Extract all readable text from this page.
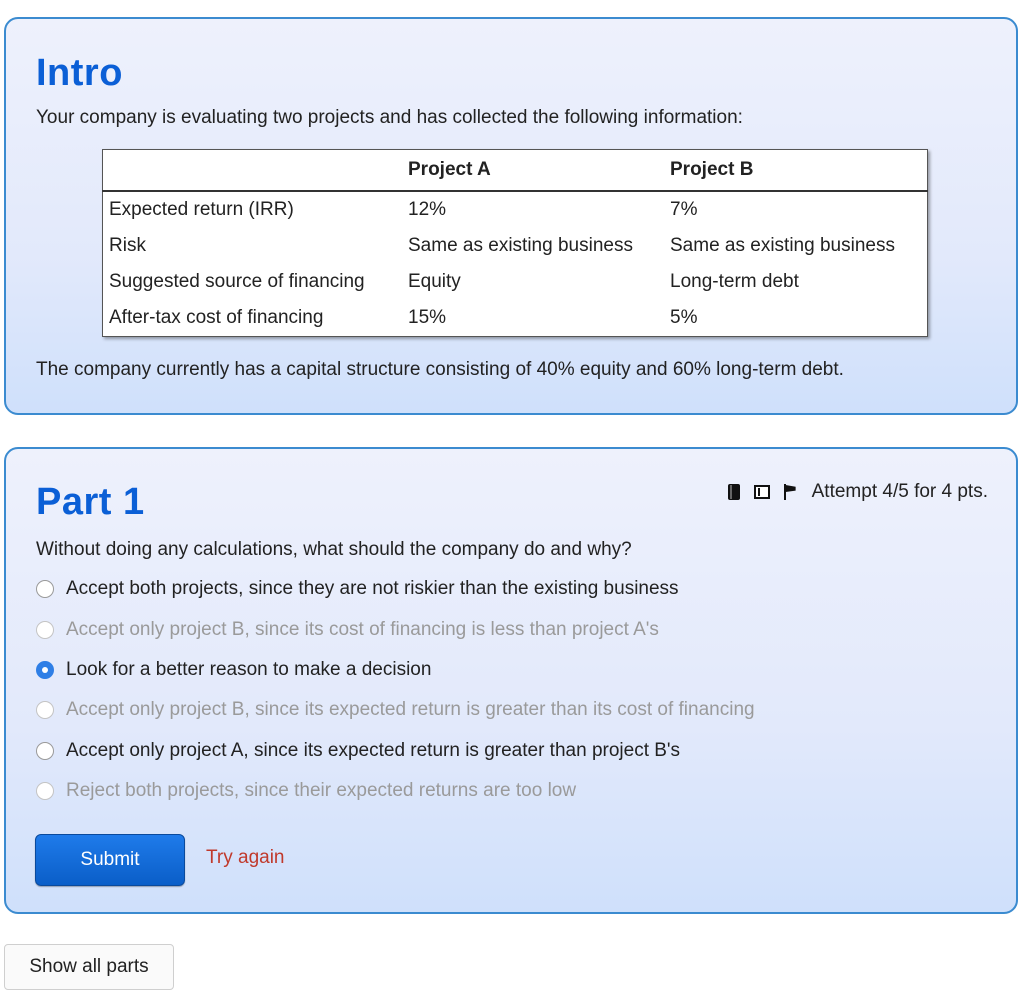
Intro

Your company is evaluating two projects and has collected the following information:

	Project A	Project B
Expected return (IRR)	12%	7%
Risk	Same as existing business	Same as existing business
Suggested source of financing	Equity	Long-term debt
After-tax cost of financing	15%	5%

The company currently has a capital structure consisting of 40% equity and 60% long-term debt.

Part 1	Attempt 4/5 for 4 pts.

Without doing any calculations, what should the company do and why?

Accept both projects, since they are not riskier than the existing business
Accept only project B, since its cost of financing is less than project A's
Look for a better reason to make a decision
Accept only project B, since its expected return is greater than its cost of financing
Accept only project A, since its expected return is greater than project B's
Reject both projects, since their expected returns are too low
Submit	Try again
Show all parts
